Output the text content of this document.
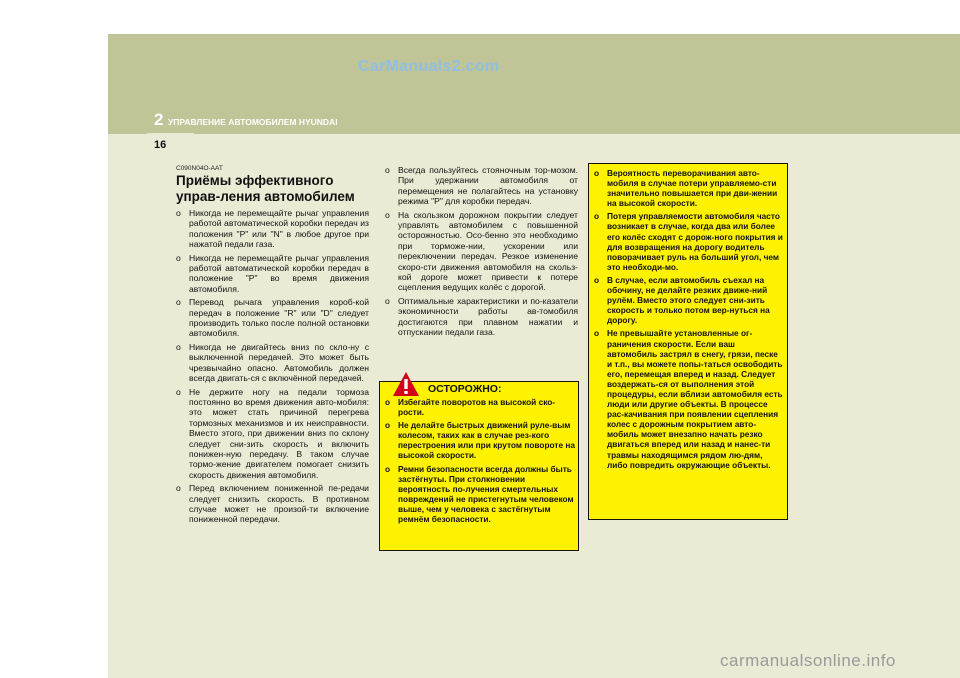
CarManuals2.com
2 УПРАВЛЕНИЕ АВТОМОБИЛЕМ HYUNDAI
16
C090N04O-AAT
Приёмы эффективного управ-ления автомобилем
o Никогда не перемещайте рычаг управления работой автоматической коробки передач из положения "P" или "N" в любое другое при нажатой педали газа.
o Никогда не перемещайте рычаг управления работой автоматической коробки передач в положение "P" во время движения автомобиля.
o Перевод рычага управления короб-кой передач в положение "R" или "D" следует производить только после полной остановки автомобиля.
o Никогда не двигайтесь вниз по скло-ну с выключенной передачей. Это может быть чрезвычайно опасно. Автомобиль должен всегда двигать-ся с включённой передачей.
o Не держите ногу на педали тормоза постоянно во время движения авто-мобиля: это может стать причиной перегрева тормозных механизмов и их неисправности. Вместо этого, при движении вниз по склону следует сни-зить скорость и включить понижен-ную передачу. В таком случае тормо-жение двигателем помогает снизить скорость движения автомобиля.
o Перед включением пониженной пе-редачи следует снизить скорость. В противном случае может не произой-ти включение пониженной передачи.
o Всегда пользуйтесь стояночным тор-мозом. При удержании автомобиля от перемещения не полагайтесь на установку режима "P" для коробки передач.
o На скользком дорожном покрытии следует управлять автомобилем с повышенной осторожностью. Осо-бенно это необходимо при торможе-нии, ускорении или переключении передач. Резкое изменение скоро-сти движения автомобиля на скольз-кой дороге может привести к потере сцепления ведущих колёс с дорогой.
o Оптимальные характеристики и по-казатели экономичности работы ав-томобиля достигаются при плавном нажатии и отпускании педали газа.
ОСТОРОЖНО:
o Избегайте поворотов на высокой ско-рости.
o Не делайте быстрых движений руле-вым колесом, таких как в случае рез-кого перестроения или при крутом повороте на высокой скорости.
o Ремни безопасности всегда должны быть застёгнуты. При столкновении вероятность по-лучения смертельных повреждений не пристегнутым человеком выше, чем у человека с застёгнутым ремнём безопасности.
o Вероятность переворачивания авто-мобиля в случае потери управляемо-сти значительно повышается при дви-жении на высокой скорости.
o Потеря управляемости автомобиля часто возникает в случае, когда два или более его колёс сходят с дорож-ного покрытия и для возвращения на дорогу водитель поворачивает руль на больший угол, чем это необходи-мо.
o В случае, если автомобиль съехал на обочину, не делайте резких движе-ний рулём. Вместо этого следует сни-зить скорость и только потом вер-нуться на дорогу.
o Не превышайте установленные ог-раничения скорости. Если ваш автомобиль застрял в снегу, грязи, песке и т.п., вы можете попы-таться освободить его, перемещая вперед и назад. Следует воздержать-ся от выполнения этой процедуры, если вблизи автомобиля есть люди или другие объекты. В процессе рас-качивания при появлении сцепления колес с дорожным покрытием авто-мобиль может внезапно начать резко двигаться вперед или назад и нанес-ти травмы находящимся рядом лю-дям, либо повредить окружающие объекты.
carmanualsonline.info
